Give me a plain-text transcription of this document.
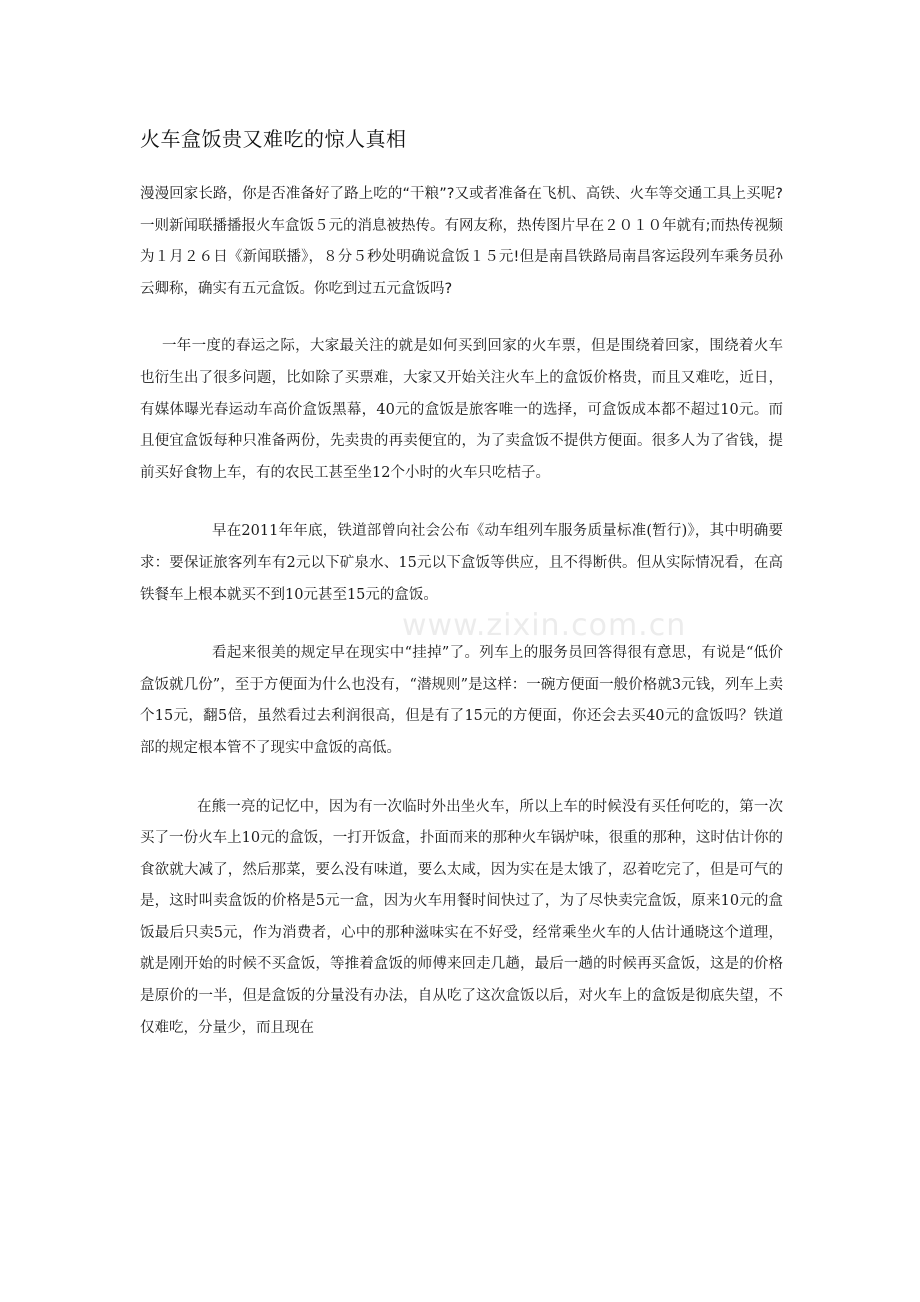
火车盒饭贵又难吃的惊人真相

漫漫回家长路，你是否准备好了路上吃的“干粮”?又或者准备在飞机、高铁、火车等交通工具上买呢?一则新闻联播播报火车盒饭５元的消息被热传。有网友称，热传图片早在２０１０年就有;而热传视频为１月２６日《新闻联播》，８分５秒处明确说盒饭１５元!但是南昌铁路局南昌客运段列车乘务员孙云卿称，确实有五元盒饭。你吃到过五元盒饭吗?

一年一度的春运之际，大家最关注的就是如何买到回家的火车票，但是围绕着回家，围绕着火车也衍生出了很多问题，比如除了买票难，大家又开始关注火车上的盒饭价格贵，而且又难吃，近日，有媒体曝光春运动车高价盒饭黑幕，40元的盒饭是旅客唯一的选择，可盒饭成本都不超过10元。而且便宜盒饭每种只准备两份，先卖贵的再卖便宜的，为了卖盒饭不提供方便面。很多人为了省钱，提前买好食物上车，有的农民工甚至坐12个小时的火车只吃桔子。

早在2011年年底，铁道部曾向社会公布《动车组列车服务质量标准(暂行)》，其中明确要求：要保证旅客列车有2元以下矿泉水、15元以下盒饭等供应，且不得断供。但从实际情况看，在高铁餐车上根本就买不到10元甚至15元的盒饭。

看起来很美的规定早在现实中“挂掉”了。列车上的服务员回答得很有意思，有说是“低价盒饭就几份”，至于方便面为什么也没有，“潜规则”是这样：一碗方便面一般价格就3元钱，列车上卖个15元，翻5倍，虽然看过去利润很高，但是有了15元的方便面，你还会去买40元的盒饭吗？铁道部的规定根本管不了现实中盒饭的高低。

在熊一亮的记忆中，因为有一次临时外出坐火车，所以上车的时候没有买任何吃的，第一次买了一份火车上10元的盒饭，一打开饭盒，扑面而来的那种火车锅炉味，很重的那种，这时估计你的食欲就大减了，然后那菜，要么没有味道，要么太咸，因为实在是太饿了，忍着吃完了，但是可气的是，这时叫卖盒饭的价格是5元一盒，因为火车用餐时间快过了，为了尽快卖完盒饭，原来10元的盒饭最后只卖5元，作为消费者，心中的那种滋味实在不好受，经常乘坐火车的人估计通晓这个道理，就是刚开始的时候不买盒饭，等推着盒饭的师傅来回走几趟，最后一趟的时候再买盒饭，这是的价格是原价的一半，但是盒饭的分量没有办法，自从吃了这次盒饭以后，对火车上的盒饭是彻底失望，不仅难吃，分量少，而且现在

www.zixin.com.cn
